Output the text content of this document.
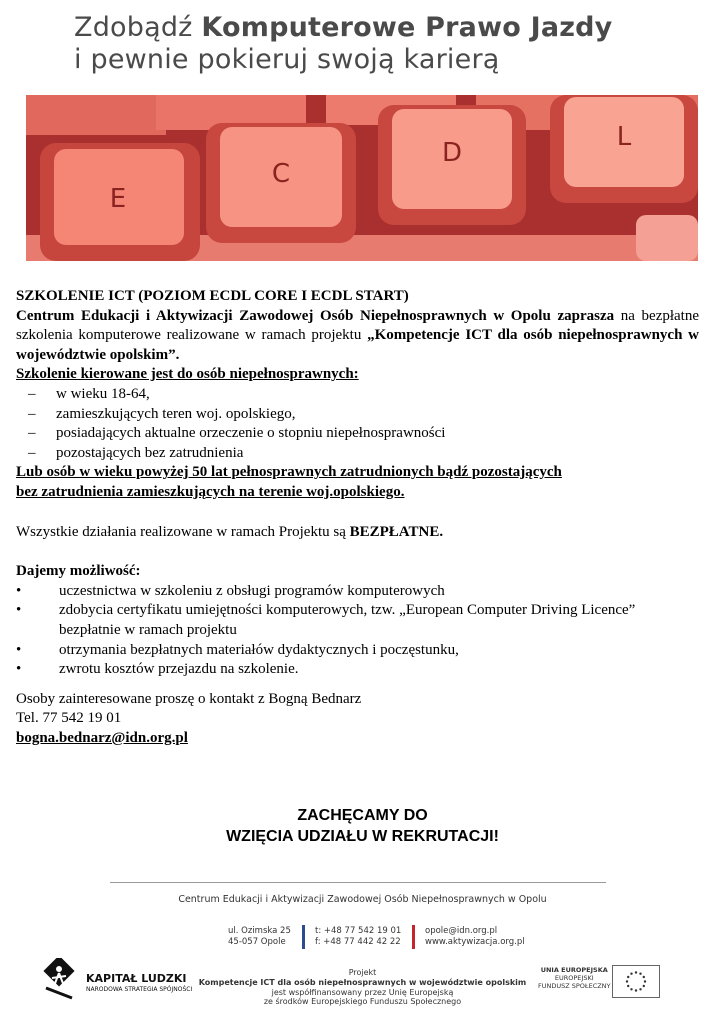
Zdobądź Komputerowe Prawo Jazdy
i pewnie pokieruj swoją karierą
E
C
D
L

SZKOLENIE ICT (POZIOM ECDL CORE I ECDL START)

Centrum Edukacji i Aktywizacji Zawodowej Osób Niepełnosprawnych w Opolu zaprasza na bezpłatne szkolenia komputerowe realizowane w ramach projektu „Kompetencje ICT dla osób niepełnosprawnych w województwie opolskim”.

Szkolenie kierowane jest do osób niepełnosprawnych:

–	w wieku 18-64,
–	zamieszkujących teren woj. opolskiego,
–	posiadających aktualne orzeczenie o stopniu niepełnosprawności
–	pozostających bez zatrudnienia

Lub osób w wieku powyżej 50 lat pełnosprawnych zatrudnionych bądź pozostających

bez zatrudnienia zamieszkujących na terenie woj.opolskiego.

Wszystkie działania realizowane w ramach Projektu są BEZPŁATNE.

Dajemy możliwość:

•	uczestnictwa w szkoleniu z obsługi programów komputerowych
•	zdobycia certyfikatu umiejętności komputerowych, tzw. „European Computer Driving Licence” bezpłatnie w ramach projektu
•	otrzymania bezpłatnych materiałów dydaktycznych i poczęstunku,
•	zwrotu kosztów przejazdu na szkolenie.

Osoby zainteresowane proszę o kontakt z Bogną Bednarz

Tel. 77 542 19 01

bogna.bednarz@idn.org.pl

ZACHĘCAMY DO
WZIĘCIA UDZIAŁU W REKRUTACJI!
Centrum Edukacji i Aktywizacji Zawodowej Osób Niepełnosprawnych w Opolu
ul. Ozimska 25
45-057 Opole
t: +48 77 542 19 01
f: +48 77 442 42 22
opole@idn.org.pl
www.aktywizacja.org.pl
KAPITAŁ LUDZKI
NARODOWA STRATEGIA SPÓJNOŚCI
Projekt
Kompetencje ICT dla osób niepełnosprawnych w województwie opolskim
jest współfinansowany przez Unię Europejską
ze środków Europejskiego Funduszu Społecznego
UNIA EUROPEJSKA
EUROPEJSKI
FUNDUSZ SPOŁECZNY
